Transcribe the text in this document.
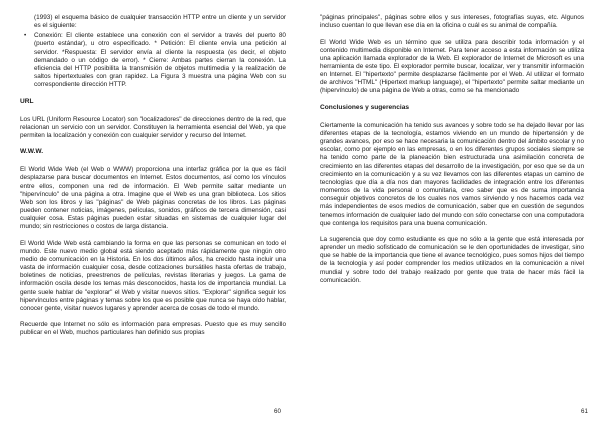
(1993) el esquema básico de cualquier transacción HTTP entre un cliente y un servidor es el siguiente:

• Conexión: El cliente establece una conexión con el servidor a través del puerto 80 (puerto estándar), u otro especificado. * Petición: El cliente envía una petición al servidor. *Respuesta: El servidor envía al cliente la respuesta (es decir, el objeto demandado o un código de error). * Cierre: Ambas partes cierran la conexión. La eficiencia del HTTP posibilita la transmisión de objetos multimedia y la realización de saltos hipertextuales con gran rapidez. La Figura 3 muestra una página Web con su correspondiente dirección HTTP.
URL

Los URL (Uniform Resource Locator) son "localizadores" de direcciones dentro de la red, que relacionan un servicio con un servidor. Constituyen la herramienta esencial del Web, ya que permiten la localización y conexión con cualquier servidor y recurso del Internet.

W.W.W.

El World Wide Web (el Web o WWW) proporciona una interfaz gráfica por la que es fácil desplazarse para buscar documentos en Internet. Estos documentos, así como los vínculos entre ellos, componen una red de información. El Web permite saltar mediante un "hipervínculo" de una página a otra. Imagine que el Web es una gran biblioteca. Los sitios Web son los libros y las "páginas" de Web páginas concretas de los libros. Las páginas pueden contener noticias, imágenes, películas, sonidos, gráficos de tercera dimensión, casi cualquier cosa. Estas páginas pueden estar situadas en sistemas de cualquier lugar del mundo; sin restricciones o costos de larga distancia.

El World Wide Web está cambiando la forma en que las personas se comunican en todo el mundo. Este nuevo medio global está siendo aceptado más rápidamente que ningún otro medio de comunicación en la Historia. En los dos últimos años, ha crecido hasta incluir una vasta de información cualquier cosa, desde cotizaciones bursátiles hasta ofertas de trabajo, boletines de noticias, preestrenos de películas, revistas literarias y juegos. La gama de información oscila desde los temas más desconocidos, hasta los de importancia mundial. La gente suele hablar de "explorar" el Web y visitar nuevos sitios. "Explorar" significa seguir los hipervínculos entre páginas y temas sobre los que es posible que nunca se haya oído hablar, conocer gente, visitar nuevos lugares y aprender acerca de cosas de todo el mundo.

Recuerde que Internet no sólo es información para empresas. Puesto que es muy sencillo publicar en el Web, muchos particulares han definido sus propias

60

"páginas principales", páginas sobre ellos y sus intereses, fotografías suyas, etc. Algunos incluso cuentan lo que llevan ese día en la oficina o cuál es su animal de compañía.

El World Wide Web es un término que se utiliza para describir toda información y el contenido multimedia disponible en Internet. Para tener acceso a esta información se utiliza una aplicación llamada explorador de la Web. El explorador de Internet de Microsoft es una herramienta de este tipo. El explorador permite buscar, localizar, ver y transmitir información en Internet. El "hipertexto" permite desplazarse fácilmente por el Web. Al utilizar el formato de archivos "HTML" (Hipertext markup language), el "hipertexto" permite saltar mediante un (hipervínculo) de una página de Web a otras, como se ha mencionado

Conclusiones y sugerencias

Ciertamente la comunicación ha tenido sus avances y sobre todo se ha dejado llevar por las diferentes etapas de la tecnología, estamos viviendo en un mundo de hipertensión y de grandes avances, por eso se hace necesaria la comunicación dentro del ámbito escolar y no escolar, como por ejemplo en las empresas, o en los diferentes grupos sociales siempre se ha tenido como parte de la planeación bien estructurada una asimilación concreta de crecimiento en las diferentes etapas del desarrollo de la investigación, por eso que se da un crecimiento en la comunicación y a su vez llevamos con las diferentes etapas un camino de tecnologías que día a día nos dan mayores facilidades de integración entre los diferentes momentos de la vida personal o comunitaria, creo saber que es de suma importancia conseguir objetivos concretos de los cuales nos vamos sirviendo y nos hacemos cada vez más independientes de esos medios de comunicación, saber que en cuestión de segundos tenemos información de cualquier lado del mundo con sólo conectarse con una computadora que contenga los requisitos para una buena comunicación.

La sugerencia que doy como estudiante es que no sólo a la gente que está interesada por aprender un medio sofisticado de comunicación se le den oportunidades de investigar, sino que se hable de la importancia que tiene el avance tecnológico, pues somos hijos del tiempo de la tecnología y así poder comprender los medios utilizados en la comunicación a nivel mundial y sobre todo del trabajo realizado por gente que trata de hacer más fácil la comunicación.

61
